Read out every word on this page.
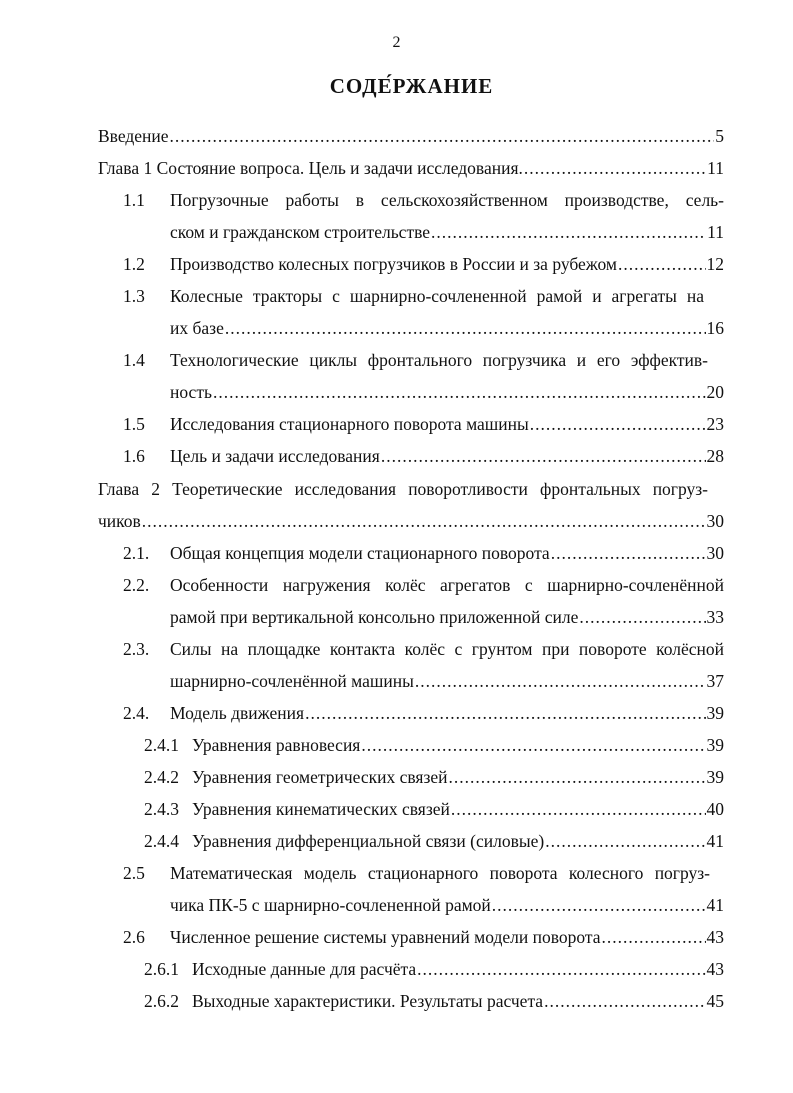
2
СОДЕ́РЖАНИЕ
Введение .....	5
Глава 1 Состояние вопроса. Цель и задачи исследования. .....	11
1.1 Погрузочные работы в сельскохозяйственном производстве, сель-
ском и гражданском строительстве .....	11
1.2 Производство колесных погрузчиков в России и за рубежом .....	12
1.3 Колесные тракторы с шарнирно-сочлененной рамой и агрегаты на
их базе .....	16
1.4 Технологические циклы фронтального погрузчика и его эффектив-
ность .....	20
1.5 Исследования стационарного поворота машины .....	23
1.6 Цель и задачи исследования .....	28
Глава 2 Теоретические исследования поворотливости фронтальных погруз-
чиков .....	30
2.1. Общая концепция модели стационарного поворота .....	30
2.2. Особенности нагружения колёс агрегатов с шарнирно-сочленённой
рамой при вертикальной консольно приложенной силе .....	33
2.3. Силы на площадке контакта колёс с грунтом при повороте колёсной
шарнирно-сочленённой машины .....	37
2.4. Модель движения .....	39
2.4.1 Уравнения равновесия .....	39
2.4.2 Уравнения геометрических связей .....	39
2.4.3 Уравнения кинематических связей .....	40
2.4.4 Уравнения дифференциальной связи (силовые) .....	41
2.5 Математическая модель стационарного поворота колесного погруз-
чика ПК-5 с шарнирно-сочлененной рамой .....	41
2.6 Численное решение системы уравнений модели поворота .....	43
2.6.1 Исходные данные для расчёта .....	43
2.6.2 Выходные характеристики. Результаты расчета .....	45
